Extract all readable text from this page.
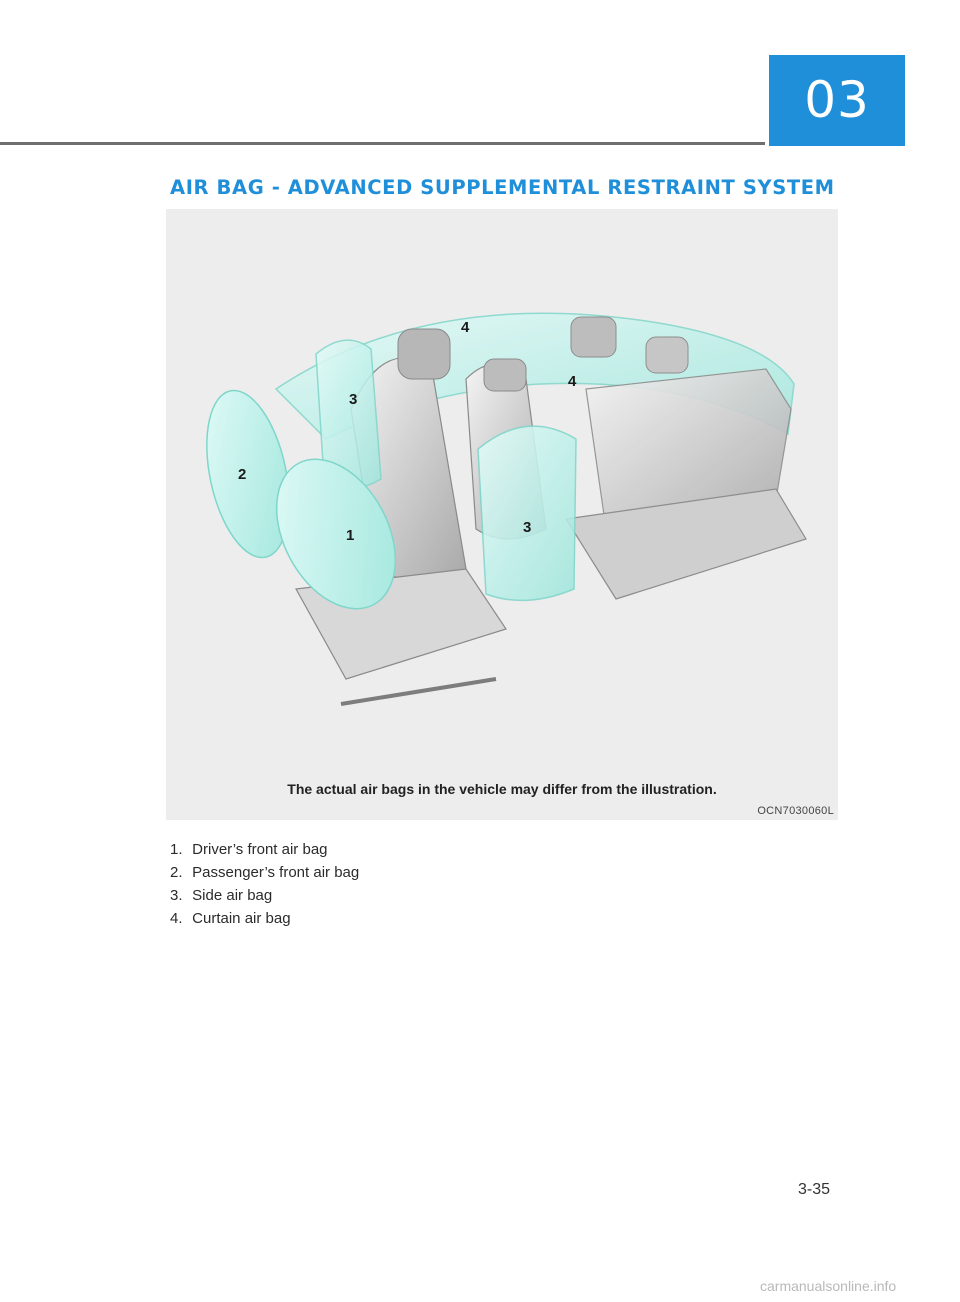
03
AIR BAG - ADVANCED SUPPLEMENTAL RESTRAINT SYSTEM
1
2
3
3
4
4
The actual air bags in the vehicle may differ from the illustration.
OCN7030060L
1. Driver’s front air bag
2. Passenger’s front air bag
3. Side air bag
4. Curtain air bag
3-35
carmanualsonline.info
